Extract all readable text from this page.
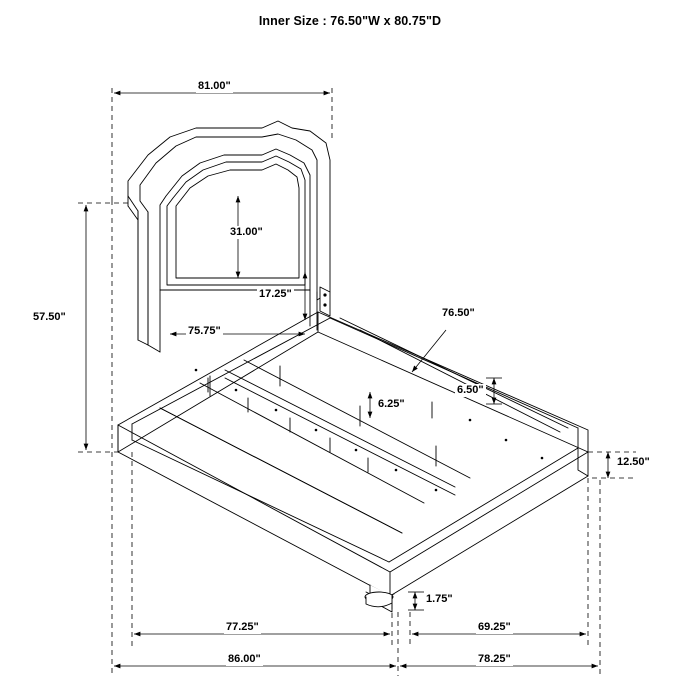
Inner Size : 76.50"W x 80.75"D
81.00"
31.00"
17.25"
75.75"
57.50"	76.50"
6.50"
6.25"
12.50"
1.75"
77.25"	69.25"
86.00"	78.25"
